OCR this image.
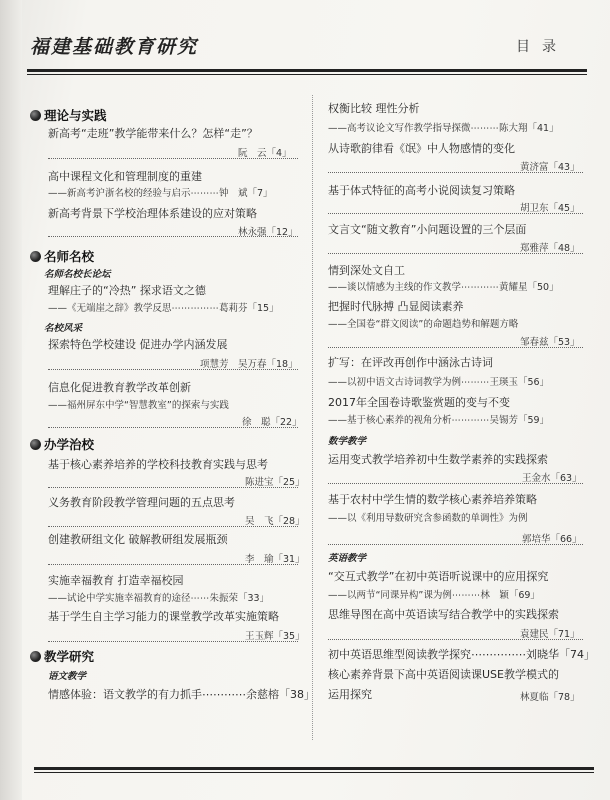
福建基础教育研究	目录
理论与实践
新高考“走班”教学能带来什么？怎样“走”？
阮　云「4」
高中课程文化和管理制度的重建
——新高考沪浙名校的经验与启示⋯⋯⋯钟　斌「7」
新高考背景下学校治理体系建设的应对策略
林永强「12」
名师名校
名师名校长论坛
理解庄子的“冷热” 探求语文之德
——《无端崖之辞》教学反思⋯⋯⋯⋯⋯葛莉芬「15」
名校风采
探索特色学校建设 促进办学内涵发展
项慧芳　吴万春「18」
信息化促进教育教学改革创新
——福州屏东中学“智慧教室”的探索与实践
徐　聪「22」
办学治校
基于核心素养培养的学校科技教育实践与思考
陈进宝「25」
义务教育阶段教学管理问题的五点思考
吴　飞「28」
创建教研组文化 破解教研组发展瓶颈
李　瑜「31」
实施幸福教育 打造幸福校园
——试论中学实施幸福教育的途径⋯⋯朱振荣「33」
基于学生自主学习能力的课堂教学改革实施策略
王玉辉「35」
教学研究
语文教学
情感体验：语文教学的有力抓手⋯⋯⋯⋯余慈榕「38」
权衡比较 理性分析
——高考议论文写作教学指导探微⋯⋯⋯陈大翔「41」
从诗歌韵律看《氓》中人物感情的变化
黄济富「43」
基于体式特征的高考小说阅读复习策略
胡卫东「45」
文言文“随文教育”小问题设置的三个层面
郑雅萍「48」
情到深处文自工
——谈以情感为主线的作文教学⋯⋯⋯⋯黄耀星「50」
把握时代脉搏 凸显阅读素养
——全国卷“群文阅读”的命题趋势和解题方略
邹春兹「53」
扩写：在评改再创作中涵泳古诗词
——以初中语文古诗词教学为例⋯⋯⋯王瑛玉「56」
2017年全国卷诗歌鉴赏题的变与不变
——基于核心素养的视角分析⋯⋯⋯⋯吴锡芳「59」
数学教学
运用变式教学培养初中生数学素养的实践探索
王金水「63」
基于农村中学生情的数学核心素养培养策略
——以《利用导数研究含参函数的单调性》为例
郭培华「66」
英语教学
“交互式教学”在初中英语听说课中的应用探究
——以两节“同课异构”课为例⋯⋯⋯林　颖「69」
思维导图在高中英语读写结合教学中的实践探索
袁建民「71」
初中英语思维型阅读教学探究⋯⋯⋯⋯⋯刘晓华「74」
核心素养背景下高中英语阅读课USE教学模式的
运用探究	林夏临「78」
